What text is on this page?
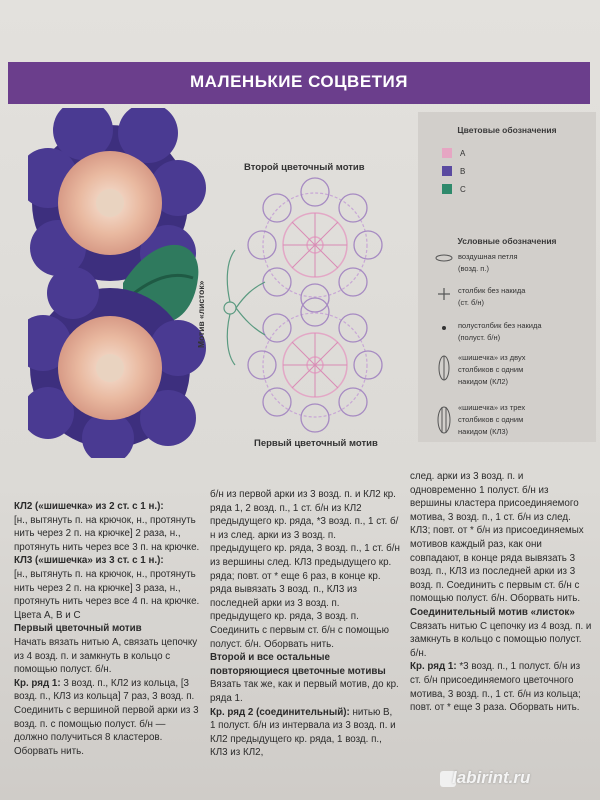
МАЛЕНЬКИЕ СОЦВЕТИЯ
Второй цветочный мотив
Первый цветочный мотив
Мотив «листок»
Цветовые обозначения
A
B
C
Условные обозначения
воздушная петля
(возд. п.)
столбик без накида
(ст. б/н)
полустолбик без накида
(полуст. б/н)
«шишечка» из двух
столбиков с одним
накидом (КЛ2)
«шишечка» из трех
столбиков с одним
накидом (КЛ3)
КЛ2 («шишечка» из 2 ст. с 1 н.):
[н., вытянуть п. на крючок, н., протянуть нить через 2 п. на крючке] 2 раза, н., протянуть нить через все 3 п. на крючке.
КЛ3 («шишечка» из 3 ст. с 1 н.):
[н., вытянуть п. на крючок, н., протянуть нить через 2 п. на крючке] 3 раза, н., протянуть нить через все 4 п. на крючке.
Цвета А, В и С
Первый цветочный мотив
Начать вязать нитью А, связать цепочку из 4 возд. п. и замкнуть в кольцо с помощью полуст. б/н.
Кр. ряд 1: 3 возд. п., КЛ2 из кольца, [3 возд. п., КЛ3 из кольца] 7 раз, 3 возд. п. Соединить с вершиной первой арки из 3 возд. п. с помощью полуст. б/н — должно получиться 8 кластеров. Оборвать нить.
б/н из первой арки из 3 возд. п. и КЛ2 кр. ряда 1, 2 возд. п., 1 ст. б/н из КЛ2 предыдущего кр. ряда, *3 возд. п., 1 ст. б/н из след. арки из 3 возд. п. предыдущего кр. ряда, 3 возд. п., 1 ст. б/н из вершины след. КЛ3 предыдущего кр. ряда; повт. от * еще 6 раз, в конце кр. ряда вывязать 3 возд. п., КЛ3 из последней арки из 3 возд. п. предыдущего кр. ряда, 3 возд. п. Соединить с первым ст. б/н с помощью полуст. б/н. Оборвать нить.
Второй и все остальные повторяющиеся цветочные мотивы
Вязать так же, как и первый мотив, до кр. ряда 1.
Кр. ряд 2 (соединительный): нитью В, 1 полуст. б/н из интервала из 3 возд. п. и КЛ2 предыдущего кр. ряда, 1 возд. п., КЛ3 из КЛ2,
след. арки из 3 возд. п. и одновременно 1 полуст. б/н из вершины кластера присоединяемого мотива, 3 возд. п., 1 ст. б/н из след. КЛ3; повт. от * б/н из присоединяемых мотивов каждый раз, как они совпадают, в конце ряда вывязать 3 возд. п., КЛ3 из последней арки из 3 возд. п. Соединить с первым ст. б/н с помощью полуст. б/н. Оборвать нить.
Соединительный мотив «листок»
Связать нитью С цепочку из 4 возд. п. и замкнуть в кольцо с помощью полуст. б/н.
Кр. ряд 1: *3 возд. п., 1 полуст. б/н из ст. б/н присоединяемого цветочного мотива, 3 возд. п., 1 ст. б/н из кольца; повт. от * еще 3 раза. Оборвать нить.
labirint.ru
